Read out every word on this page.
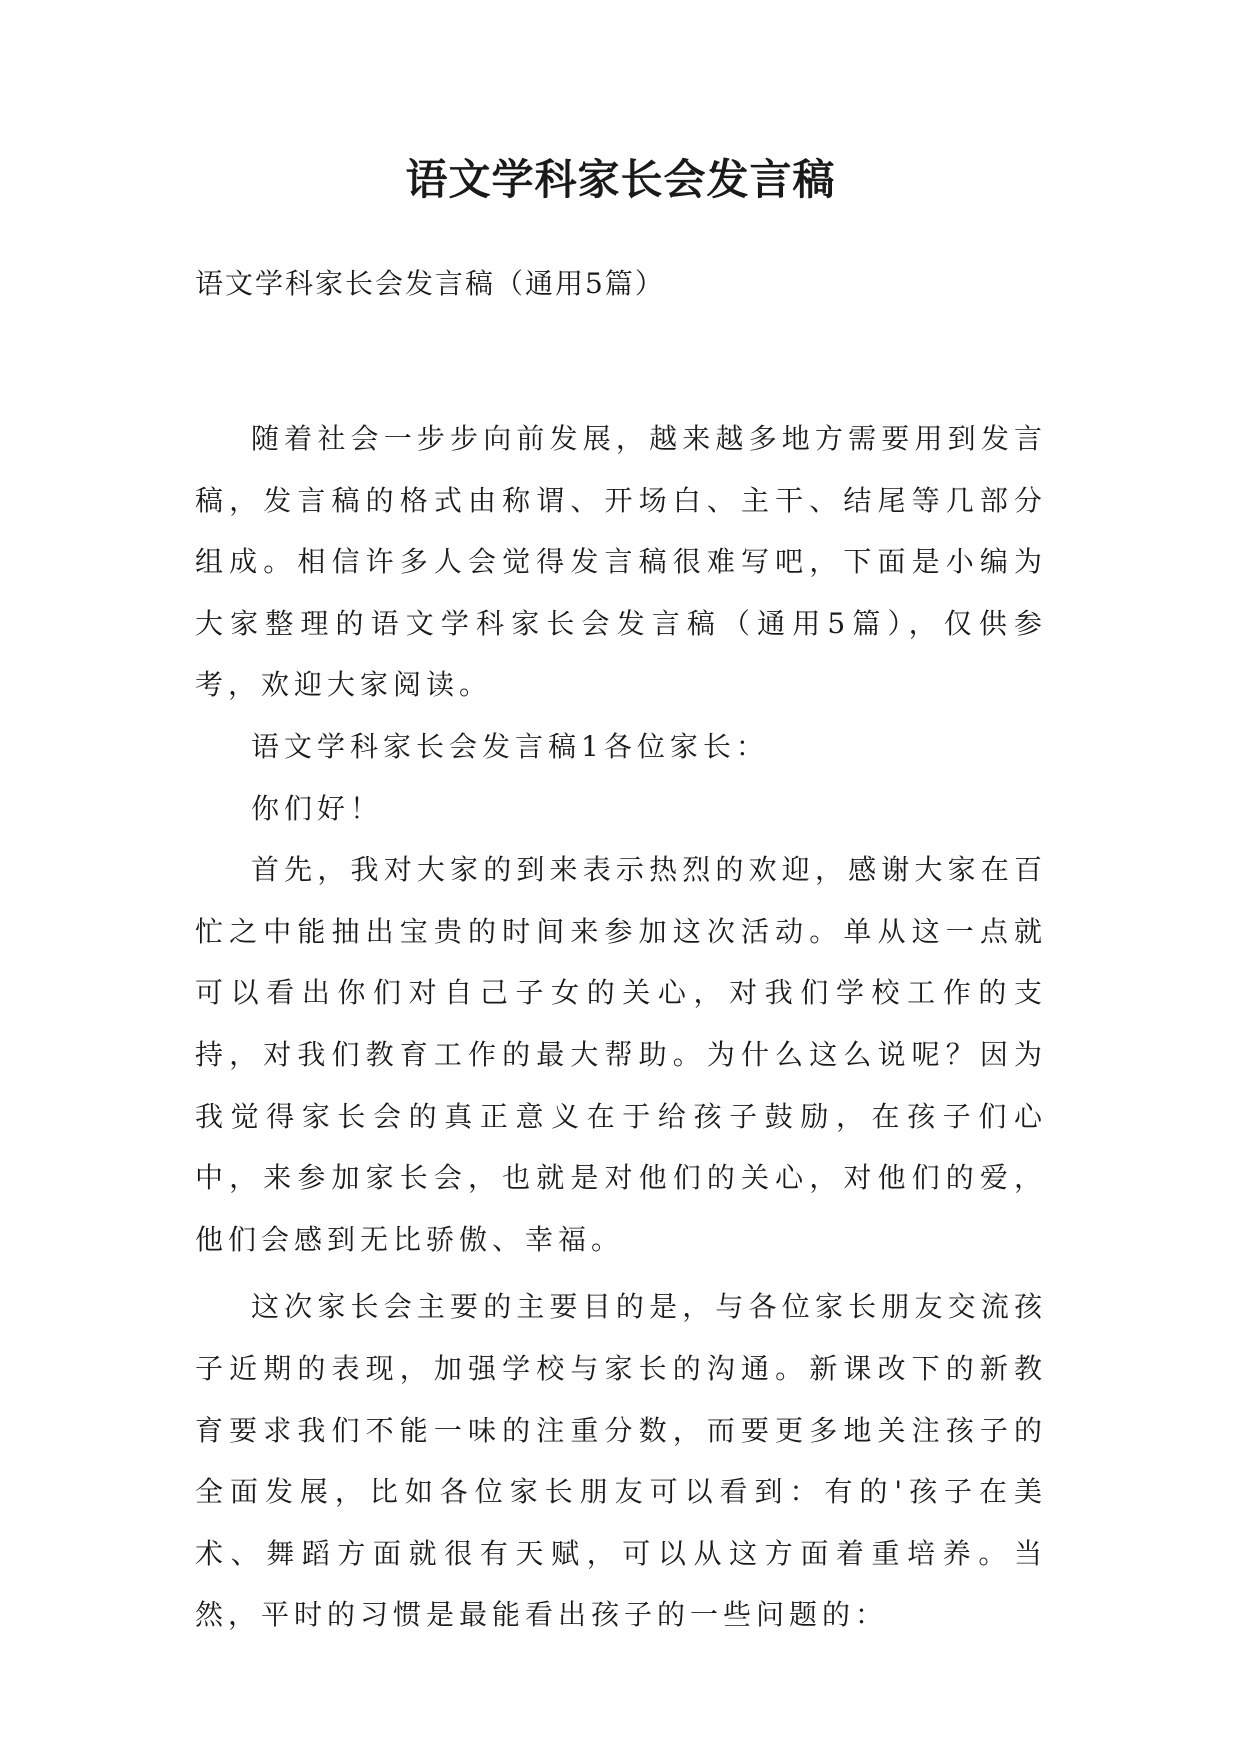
语文学科家长会发言稿
语文学科家长会发言稿（通用5篇）

随着社会一步步向前发展，越来越多地方需要用到发言稿，发言稿的格式由称谓、开场白、主干、结尾等几部分组成。相信许多人会觉得发言稿很难写吧，下面是小编为大家整理的语文学科家长会发言稿（通用5篇），仅供参考，欢迎大家阅读。

语文学科家长会发言稿1各位家长：

你们好！

首先，我对大家的到来表示热烈的欢迎，感谢大家在百忙之中能抽出宝贵的时间来参加这次活动。单从这一点就可以看出你们对自己子女的关心，对我们学校工作的支持，对我们教育工作的最大帮助。为什么这么说呢？因为我觉得家长会的真正意义在于给孩子鼓励，在孩子们心中，来参加家长会，也就是对他们的关心，对他们的爱，他们会感到无比骄傲、幸福。

这次家长会主要的主要目的是，与各位家长朋友交流孩子近期的表现，加强学校与家长的沟通。新课改下的新教育要求我们不能一味的注重分数，而要更多地关注孩子的全面发展，比如各位家长朋友可以看到：有的'孩子在美术、舞蹈方面就很有天赋，可以从这方面着重培养。当然，平时的习惯是最能看出孩子的一些问题的：
